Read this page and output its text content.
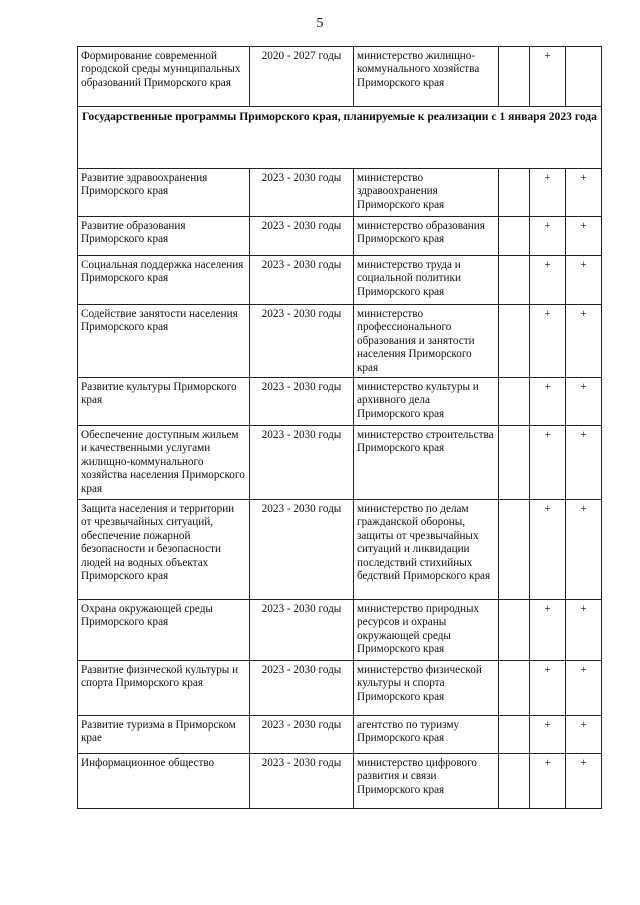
5
Формирование современной городской среды муниципальных образований Приморского края	2020 - 2027 годы	министерство жилищно-коммунального хозяйства Приморского края		+	
Государственные программы Приморского края, планируемые к реализации с 1 января 2023 года					
Развитие здравоохранения Приморского края	2023 - 2030 годы	министерство здравоохранения Приморского края		+	+
Развитие образования Приморского края	2023 - 2030 годы	министерство образования Приморского края		+	+
Социальная поддержка населения Приморского края	2023 - 2030 годы	министерство труда и социальной политики Приморского края		+	+
Содействие занятости населения Приморского края	2023 - 2030 годы	министерство профессионального образования и занятости населения Приморского края		+	+
Развитие культуры Приморского края	2023 - 2030 годы	министерство культуры и архивного дела Приморского края		+	+
Обеспечение доступным жильем и качественными услугами жилищно-коммунального хозяйства населения Приморского края	2023 - 2030 годы	министерство строительства Приморского края		+	+
Защита населения и территории от чрезвычайных ситуаций, обеспечение пожарной безопасности и безопасности людей на водных объектах Приморского края	2023 - 2030 годы	министерство по делам гражданской обороны, защиты от чрезвычайных ситуаций и ликвидации последствий стихийных бедствий Приморского края		+	+
Охрана окружающей среды Приморского края	2023 - 2030 годы	министерство природных ресурсов и охраны окружающей среды Приморского края		+	+
Развитие физической культуры и спорта Приморского края	2023 - 2030 годы	министерство физической культуры и спорта Приморского края		+	+
Развитие туризма в Приморском крае	2023 - 2030 годы	агентство по туризму Приморского края		+	+
Информационное общество	2023 - 2030 годы	министерство цифрового развития и связи Приморского края		+	+
